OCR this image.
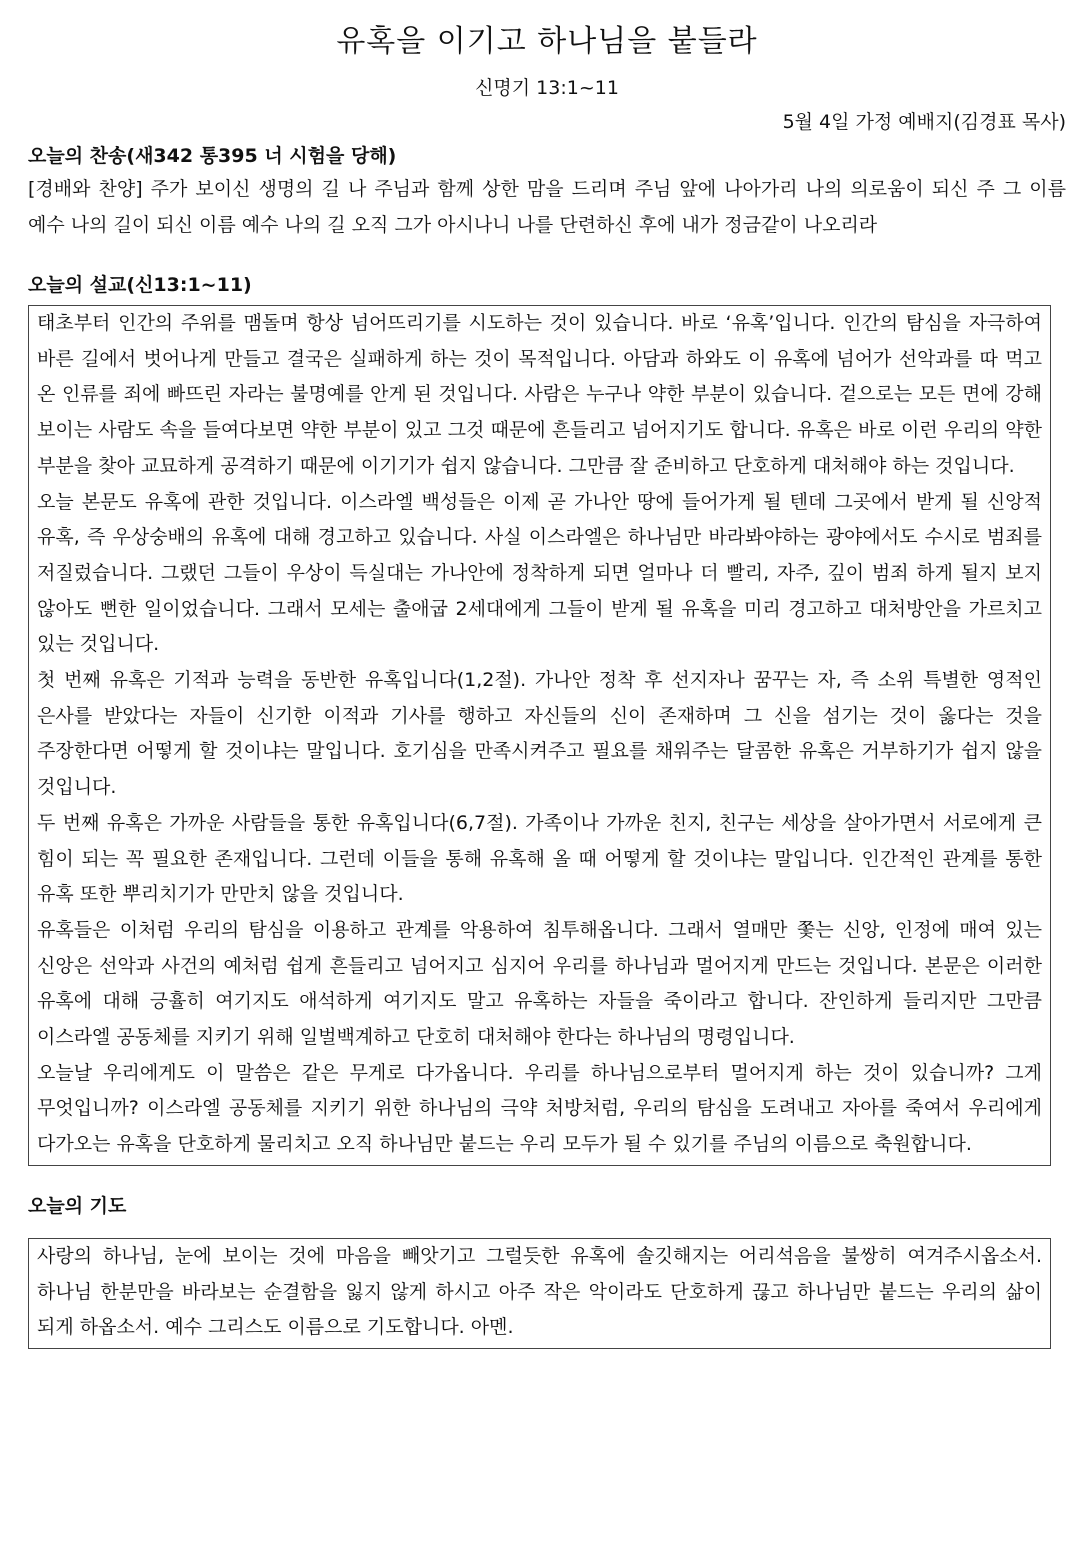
유혹을 이기고 하나님을 붙들라
신명기 13:1~11
5월 4일 가정 예배지(김경표 목사)
오늘의 찬송(새342 통395 너 시험을 당해)
[경배와 찬양] 주가 보이신 생명의 길 나 주님과 함께 상한 맘을 드리며 주님 앞에 나아가리 나의 의로움이 되신 주 그 이름 예수 나의 길이 되신 이름 예수 나의 길 오직 그가 아시나니 나를 단련하신 후에 내가 정금같이 나오리라
오늘의 설교(신13:1~11)

태초부터 인간의 주위를 맴돌며 항상 넘어뜨리기를 시도하는 것이 있습니다. 바로 ‘유혹’입니다. 인간의 탐심을 자극하여 바른 길에서 벗어나게 만들고 결국은 실패하게 하는 것이 목적입니다. 아담과 하와도 이 유혹에 넘어가 선악과를 따 먹고 온 인류를 죄에 빠뜨린 자라는 불명예를 안게 된 것입니다. 사람은 누구나 약한 부분이 있습니다. 겉으로는 모든 면에 강해 보이는 사람도 속을 들여다보면 약한 부분이 있고 그것 때문에 흔들리고 넘어지기도 합니다. 유혹은 바로 이런 우리의 약한 부분을 찾아 교묘하게 공격하기 때문에 이기기가 쉽지 않습니다. 그만큼 잘 준비하고 단호하게 대처해야 하는 것입니다.

오늘 본문도 유혹에 관한 것입니다. 이스라엘 백성들은 이제 곧 가나안 땅에 들어가게 될 텐데 그곳에서 받게 될 신앙적 유혹, 즉 우상숭배의 유혹에 대해 경고하고 있습니다. 사실 이스라엘은 하나님만 바라봐야하는 광야에서도 수시로 범죄를 저질렀습니다. 그랬던 그들이 우상이 득실대는 가나안에 정착하게 되면 얼마나 더 빨리, 자주, 깊이 범죄 하게 될지 보지 않아도 뻔한 일이었습니다. 그래서 모세는 출애굽 2세대에게 그들이 받게 될 유혹을 미리 경고하고 대처방안을 가르치고 있는 것입니다.

첫 번째 유혹은 기적과 능력을 동반한 유혹입니다(1,2절). 가나안 정착 후 선지자나 꿈꾸는 자, 즉 소위 특별한 영적인 은사를 받았다는 자들이 신기한 이적과 기사를 행하고 자신들의 신이 존재하며 그 신을 섬기는 것이 옳다는 것을 주장한다면 어떻게 할 것이냐는 말입니다. 호기심을 만족시켜주고 필요를 채워주는 달콤한 유혹은 거부하기가 쉽지 않을 것입니다.

두 번째 유혹은 가까운 사람들을 통한 유혹입니다(6,7절). 가족이나 가까운 친지, 친구는 세상을 살아가면서 서로에게 큰 힘이 되는 꼭 필요한 존재입니다. 그런데 이들을 통해 유혹해 올 때 어떻게 할 것이냐는 말입니다. 인간적인 관계를 통한 유혹 또한 뿌리치기가 만만치 않을 것입니다.

유혹들은 이처럼 우리의 탐심을 이용하고 관계를 악용하여 침투해옵니다. 그래서 열매만 쫓는 신앙, 인정에 매여 있는 신앙은 선악과 사건의 예처럼 쉽게 흔들리고 넘어지고 심지어 우리를 하나님과 멀어지게 만드는 것입니다. 본문은 이러한 유혹에 대해 긍휼히 여기지도 애석하게 여기지도 말고 유혹하는 자들을 죽이라고 합니다. 잔인하게 들리지만 그만큼 이스라엘 공동체를 지키기 위해 일벌백계하고 단호히 대처해야 한다는 하나님의 명령입니다.

오늘날 우리에게도 이 말씀은 같은 무게로 다가옵니다. 우리를 하나님으로부터 멀어지게 하는 것이 있습니까? 그게 무엇입니까? 이스라엘 공동체를 지키기 위한 하나님의 극약 처방처럼, 우리의 탐심을 도려내고 자아를 죽여서 우리에게 다가오는 유혹을 단호하게 물리치고 오직 하나님만 붙드는 우리 모두가 될 수 있기를 주님의 이름으로 축원합니다.

오늘의 기도

사랑의 하나님, 눈에 보이는 것에 마음을 빼앗기고 그럴듯한 유혹에 솔깃해지는 어리석음을 불쌍히 여겨주시옵소서. 하나님 한분만을 바라보는 순결함을 잃지 않게 하시고 아주 작은 악이라도 단호하게 끊고 하나님만 붙드는 우리의 삶이 되게 하옵소서. 예수 그리스도 이름으로 기도합니다. 아멘.
